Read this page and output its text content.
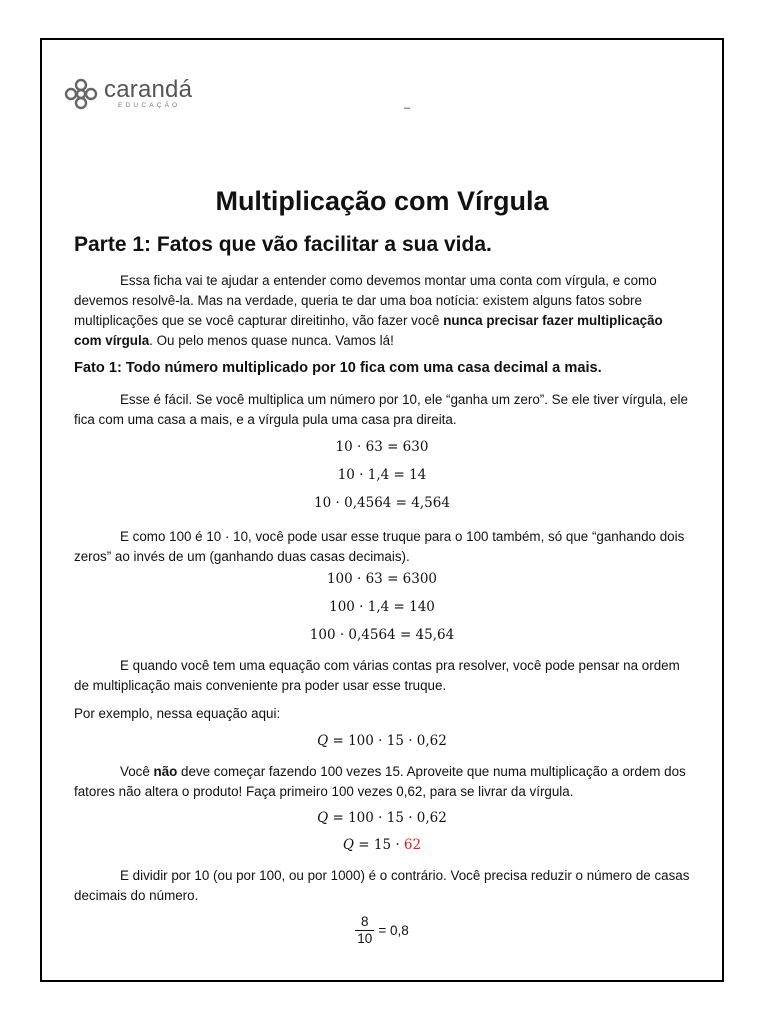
carandá
EDUCAÇÃO	–
Multiplicação com Vírgula
Parte 1: Fatos que vão facilitar a sua vida.
Essa ficha vai te ajudar a entender como devemos montar uma conta com vírgula, e como devemos resolvê-la. Mas na verdade, queria te dar uma boa notícia: existem alguns fatos sobre multiplicações que se você capturar direitinho, vão fazer você nunca precisar fazer multiplicação com vírgula. Ou pelo menos quase nunca. Vamos lá!
Fato 1: Todo número multiplicado por 10 fica com uma casa decimal a mais.
Esse é fácil. Se você multiplica um número por 10, ele “ganha um zero”. Se ele tiver vírgula, ele fica com uma casa a mais, e a vírgula pula uma casa pra direita.
10 · 63 = 630
10 · 1,4 = 14
10 · 0,4564 = 4,564
E como 100 é 10 · 10, você pode usar esse truque para o 100 também, só que “ganhando dois zeros” ao invés de um (ganhando duas casas decimais).
100 · 63 = 6300
100 · 1,4 = 140
100 · 0,4564 = 45,64
E quando você tem uma equação com várias contas pra resolver, você pode pensar na ordem de multiplicação mais conveniente pra poder usar esse truque.
Por exemplo, nessa equação aqui:
Q = 100 · 15 · 0,62
Você não deve começar fazendo 100 vezes 15. Aproveite que numa multiplicação a ordem dos fatores não altera o produto! Faça primeiro 100 vezes 0,62, para se livrar da vírgula.
Q = 100 · 15 · 0,62
Q = 15 · 62
E dividir por 10 (ou por 100, ou por 1000) é o contrário. Você precisa reduzir o número de casas decimais do número.
$\frac{8}{10} = 0,8$
